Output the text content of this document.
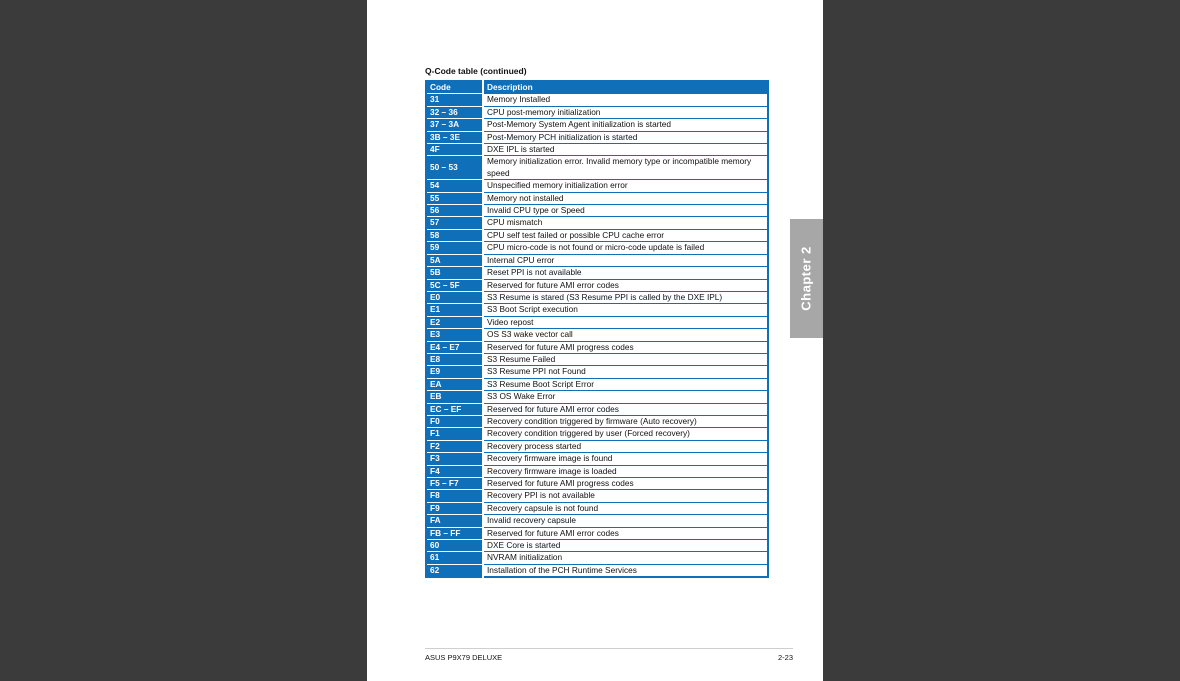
Q-Code table (continued)
Code	Description
31	Memory Installed
32 – 36	CPU post-memory initialization
37 – 3A	Post-Memory System Agent initialization is started
3B – 3E	Post-Memory PCH initialization is started
4F	DXE IPL is started
50 – 53	Memory initialization error. Invalid memory type or incompatible memory speed
54	Unspecified memory initialization error
55	Memory not installed
56	Invalid CPU type or Speed
57	CPU mismatch
58	CPU self test failed or possible CPU cache error
59	CPU micro-code is not found or micro-code update is failed
5A	Internal CPU error
5B	Reset PPI is not available
5C – 5F	Reserved for future AMI error codes
E0	S3 Resume is stared (S3 Resume PPI is called by the DXE IPL)
E1	S3 Boot Script execution
E2	Video repost
E3	OS S3 wake vector call
E4 – E7	Reserved for future AMI progress codes
E8	S3 Resume Failed
E9	S3 Resume PPI not Found
EA	S3 Resume Boot Script Error
EB	S3 OS Wake Error
EC – EF	Reserved for future AMI error codes
F0	Recovery condition triggered by firmware (Auto recovery)
F1	Recovery condition triggered by user (Forced recovery)
F2	Recovery process started
F3	Recovery firmware image is found
F4	Recovery firmware image is loaded
F5 – F7	Reserved for future AMI progress codes
F8	Recovery PPI is not available
F9	Recovery capsule is not found
FA	Invalid recovery capsule
FB – FF	Reserved for future AMI error codes
60	DXE Core is started
61	NVRAM initialization
62	Installation of the PCH Runtime Services
ASUS P9X79 DELUXE	2-23
Chapter 2
